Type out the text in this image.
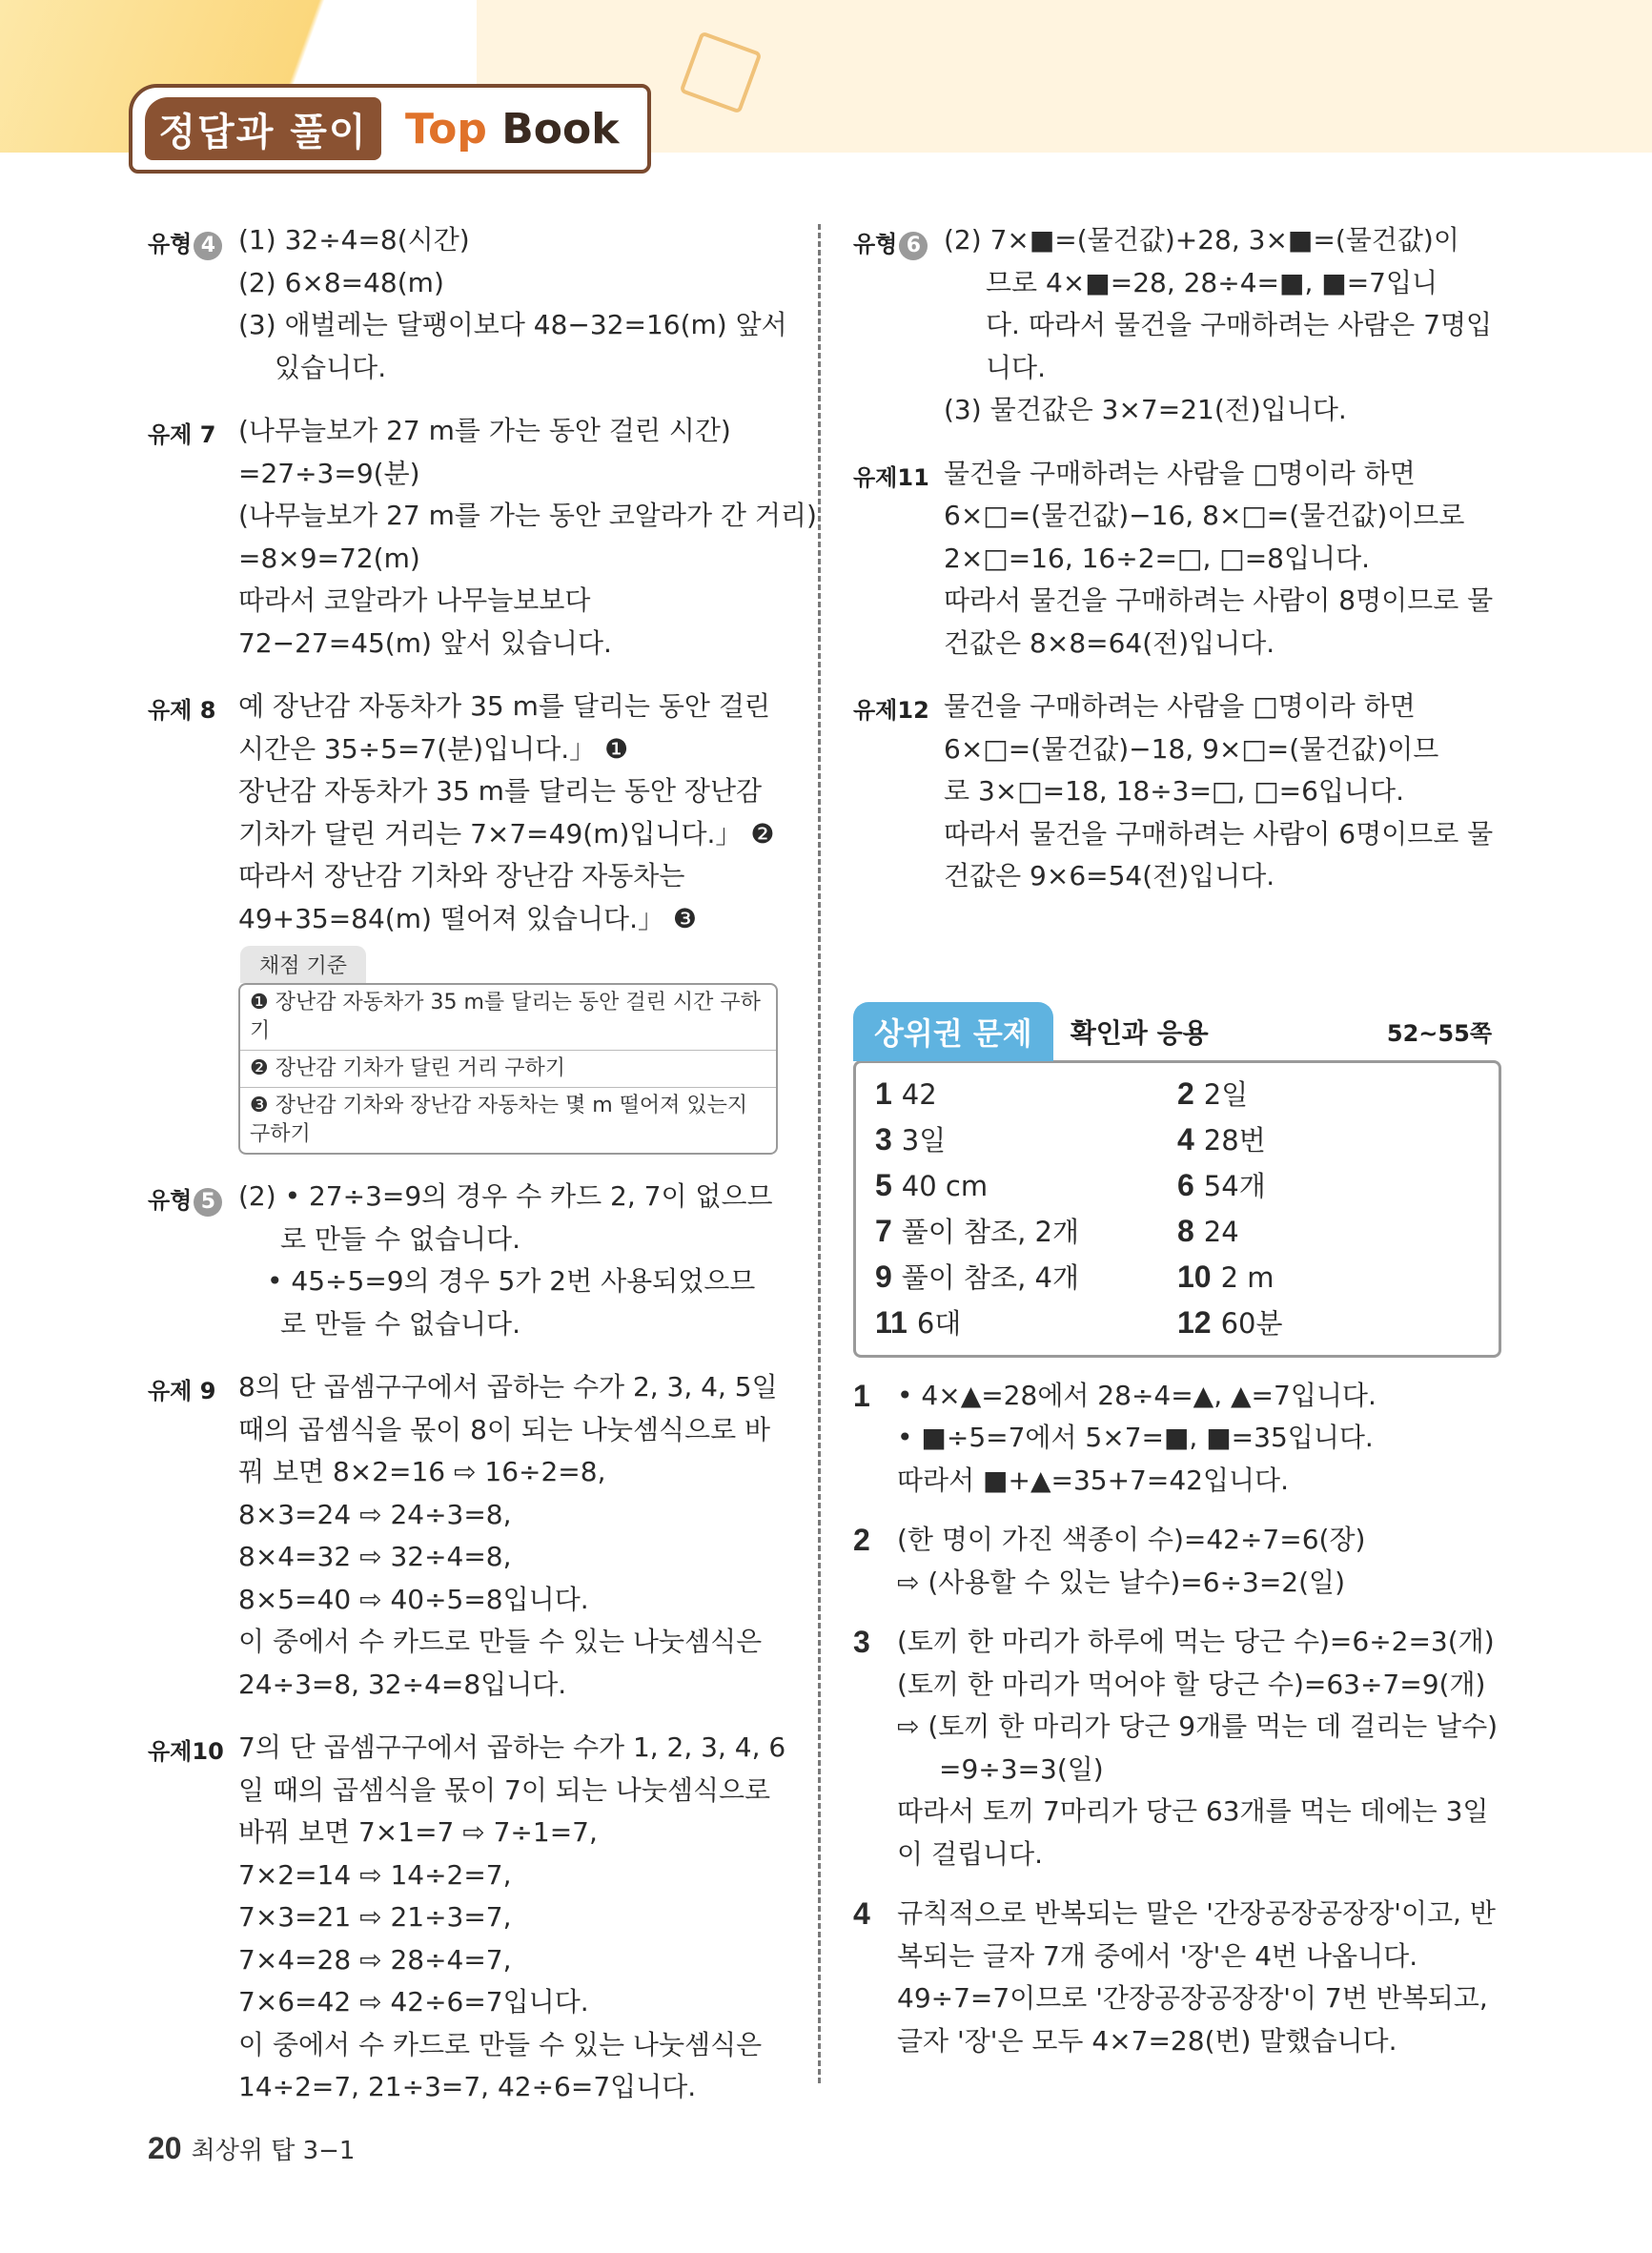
정답과 풀이 Top Book
유형 4 (1) 32÷4=8(시간)
(2) 6×8=48(m)
(3) 애벌레는 달팽이보다 48−32=16(m) 앞서
있습니다.
유제 7 (나무늘보가 27 m를 가는 동안 걸린 시간)
=27÷3=9(분)
(나무늘보가 27 m를 가는 동안 코알라가 간 거리)
=8×9=72(m)
따라서 코알라가 나무늘보보다
72−27=45(m) 앞서 있습니다.
유제 8 예 장난감 자동차가 35 m를 달리는 동안 걸린
시간은 35÷5=7(분)입니다.」 ❶
장난감 자동차가 35 m를 달리는 동안 장난감
기차가 달린 거리는 7×7=49(m)입니다.」 ❷
따라서 장난감 기차와 장난감 자동차는
49+35=84(m) 떨어져 있습니다.」 ❸
채점 기준
❶ 장난감 자동차가 35 m를 달리는 동안 걸린 시간 구하기
❷ 장난감 기차가 달린 거리 구하기
❸ 장난감 기차와 장난감 자동차는 몇 m 떨어져 있는지 구하기
유형 5 (2) • 27÷3=9의 경우 수 카드 2, 7이 없으므
로 만들 수 없습니다.
• 45÷5=9의 경우 5가 2번 사용되었으므
로 만들 수 없습니다.
유제 9 8의 단 곱셈구구에서 곱하는 수가 2, 3, 4, 5일
때의 곱셈식을 몫이 8이 되는 나눗셈식으로 바
꿔 보면 8×2=16 ⇨ 16÷2=8,
8×3=24 ⇨ 24÷3=8,
8×4=32 ⇨ 32÷4=8,
8×5=40 ⇨ 40÷5=8입니다.
이 중에서 수 카드로 만들 수 있는 나눗셈식은
24÷3=8, 32÷4=8입니다.
유제10 7의 단 곱셈구구에서 곱하는 수가 1, 2, 3, 4, 6
일 때의 곱셈식을 몫이 7이 되는 나눗셈식으로
바꿔 보면 7×1=7 ⇨ 7÷1=7,
7×2=14 ⇨ 14÷2=7,
7×3=21 ⇨ 21÷3=7,
7×4=28 ⇨ 28÷4=7,
7×6=42 ⇨ 42÷6=7입니다.
이 중에서 수 카드로 만들 수 있는 나눗셈식은
14÷2=7, 21÷3=7, 42÷6=7입니다.
유형 6 (2) 7×■=(물건값)+28, 3×■=(물건값)이
므로 4×■=28, 28÷4=■, ■=7입니
다. 따라서 물건을 구매하려는 사람은 7명입
니다.
(3) 물건값은 3×7=21(전)입니다.
유제11 물건을 구매하려는 사람을 □명이라 하면
6×□=(물건값)−16, 8×□=(물건값)이므로
2×□=16, 16÷2=□, □=8입니다.
따라서 물건을 구매하려는 사람이 8명이므로 물
건값은 8×8=64(전)입니다.
유제12 물건을 구매하려는 사람을 □명이라 하면
6×□=(물건값)−18, 9×□=(물건값)이므
로 3×□=18, 18÷3=□, □=6입니다.
따라서 물건을 구매하려는 사람이 6명이므로 물
건값은 9×6=54(전)입니다.
상위권 문제	확인과 응용	52~55쪽
1 42	2 2일
3 3일	4 28번
5 40 cm	6 54개
7 풀이 참조, 2개	8 24
9 풀이 참조, 4개	10 2 m
11 6대	12 60분
1	• 4×▲=28에서 28÷4=▲, ▲=7입니다.
• ■÷5=7에서 5×7=■, ■=35입니다.
따라서 ■+▲=35+7=42입니다.
2	(한 명이 가진 색종이 수)=42÷7=6(장)
⇨ (사용할 수 있는 날수)=6÷3=2(일)
3	(토끼 한 마리가 하루에 먹는 당근 수)=6÷2=3(개)
(토끼 한 마리가 먹어야 할 당근 수)=63÷7=9(개)
⇨ (토끼 한 마리가 당근 9개를 먹는 데 걸리는 날수)
=9÷3=3(일)
따라서 토끼 7마리가 당근 63개를 먹는 데에는 3일
이 걸립니다.
4	규칙적으로 반복되는 말은 '간장공장공장장'이고, 반
복되는 글자 7개 중에서 '장'은 4번 나옵니다.
49÷7=7이므로 '간장공장공장장'이 7번 반복되고,
글자 '장'은 모두 4×7=28(번) 말했습니다.
20 최상위 탑 3−1
